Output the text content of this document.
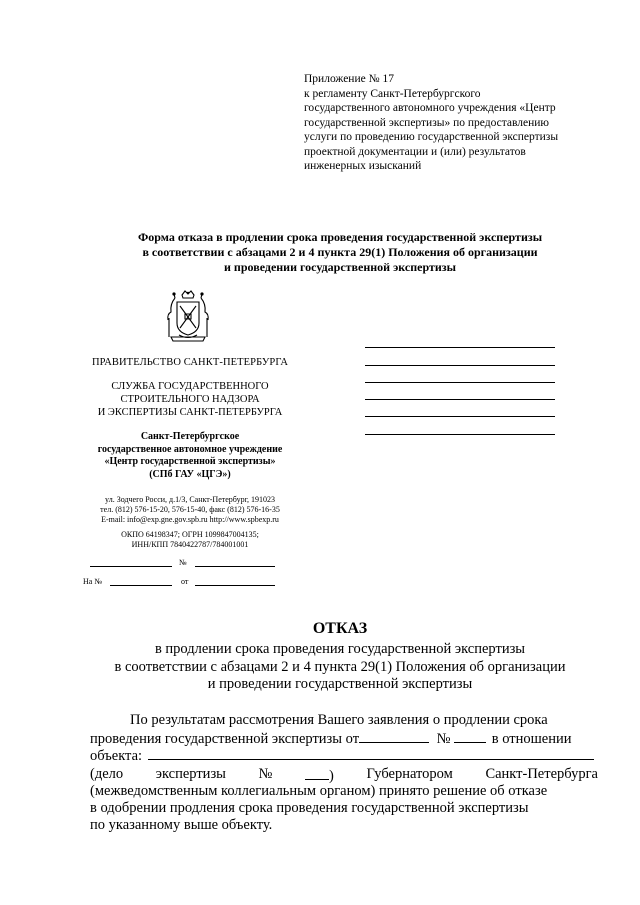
Приложение № 17
к регламенту Санкт-Петербургского
государственного автономного учреждения «Центр
государственной экспертизы» по предоставлению
услуги по проведению государственной экспертизы
проектной документации и (или) результатов
инженерных изысканий
Форма отказа в продлении срока проведения государственной экспертизы
в соответствии с абзацами 2 и 4 пункта 29(1) Положения об организации
и проведении государственной экспертизы
ПРАВИТЕЛЬСТВО САНКТ-ПЕТЕРБУРГА
СЛУЖБА ГОСУДАРСТВЕННОГО
СТРОИТЕЛЬНОГО НАДЗОРА
И ЭКСПЕРТИЗЫ САНКТ-ПЕТЕРБУРГА
Санкт-Петербургское
государственное автономное учреждение
«Центр государственной экспертизы»
(СПб ГАУ «ЦГЭ»)
ул. Зодчего Росси, д.1/3, Санкт-Петербург, 191023
тел. (812) 576-15-20, 576-15-40, факс (812) 576-16-35
E-mail: info@exp.gne.gov.spb.ru http://www.spbexp.ru
ОКПО 64198347; ОГРН 1099847004135;
ИНН/КПП 7840422787/784001001
№
На №	от
ОТКАЗ
в продлении срока проведения государственной экспертизы
в соответствии с абзацами 2 и 4 пункта 29(1) Положения об организации
и проведении государственной экспертизы
По результатам рассмотрения Вашего заявления о продлении срока
проведения государственной экспертизы от	№	в отношении
объекта:
(дело экспертизы №	) Губернатором Санкт-Петербурга
(межведомственным коллегиальным органом) принято решение об отказе
в одобрении продления срока проведения государственной экспертизы
по указанному выше объекту.
